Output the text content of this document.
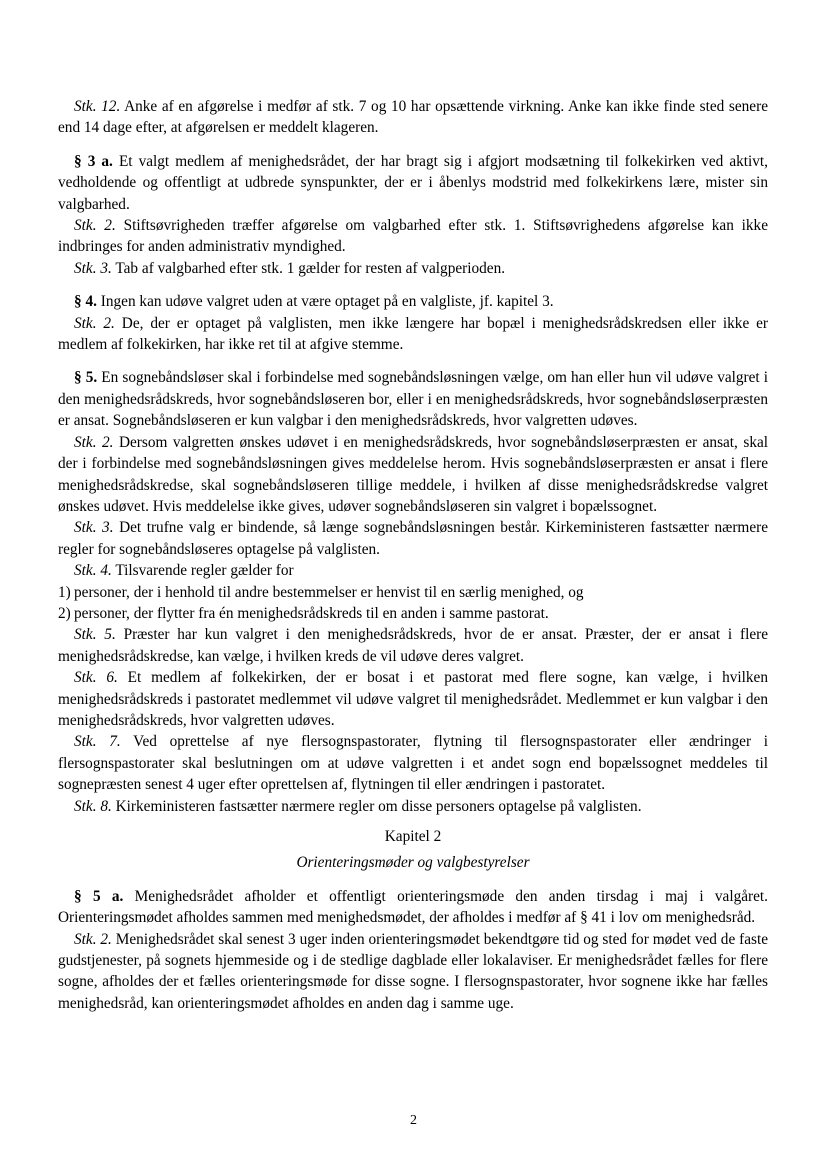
Stk. 12. Anke af en afgørelse i medfør af stk. 7 og 10 har opsættende virkning. Anke kan ikke finde sted senere end 14 dage efter, at afgørelsen er meddelt klageren.

§ 3 a. Et valgt medlem af menighedsrådet, der har bragt sig i afgjort modsætning til folkekirken ved aktivt, vedholdende og offentligt at udbrede synspunkter, der er i åbenlys modstrid med folkekirkens lære, mister sin valgbarhed.

Stk. 2. Stiftsøvrigheden træffer afgørelse om valgbarhed efter stk. 1. Stiftsøvrighedens afgørelse kan ikke indbringes for anden administrativ myndighed.

Stk. 3. Tab af valgbarhed efter stk. 1 gælder for resten af valgperioden.

§ 4. Ingen kan udøve valgret uden at være optaget på en valgliste, jf. kapitel 3.

Stk. 2. De, der er optaget på valglisten, men ikke længere har bopæl i menighedsrådskredsen eller ikke er medlem af folkekirken, har ikke ret til at afgive stemme.

§ 5. En sognebåndsløser skal i forbindelse med sognebåndsløsningen vælge, om han eller hun vil udøve valgret i den menighedsrådskreds, hvor sognebåndsløseren bor, eller i en menighedsrådskreds, hvor sognebåndsløserpræsten er ansat. Sognebåndsløseren er kun valgbar i den menighedsrådskreds, hvor valgretten udøves.

Stk. 2. Dersom valgretten ønskes udøvet i en menighedsrådskreds, hvor sognebåndsløserpræsten er ansat, skal der i forbindelse med sognebåndsløsningen gives meddelelse herom. Hvis sognebåndsløserpræsten er ansat i flere menighedsrådskredse, skal sognebåndsløseren tillige meddele, i hvilken af disse menighedsrådskredse valgret ønskes udøvet. Hvis meddelelse ikke gives, udøver sognebåndsløseren sin valgret i bopælssognet.

Stk. 3. Det trufne valg er bindende, så længe sognebåndsløsningen består. Kirkeministeren fastsætter nærmere regler for sognebåndsløseres optagelse på valglisten.

Stk. 4. Tilsvarende regler gælder for

1) personer, der i henhold til andre bestemmelser er henvist til en særlig menighed, og
2) personer, der flytter fra én menighedsrådskreds til en anden i samme pastorat.

Stk. 5. Præster har kun valgret i den menighedsrådskreds, hvor de er ansat. Præster, der er ansat i flere menighedsrådskredse, kan vælge, i hvilken kreds de vil udøve deres valgret.

Stk. 6. Et medlem af folkekirken, der er bosat i et pastorat med flere sogne, kan vælge, i hvilken menighedsrådskreds i pastoratet medlemmet vil udøve valgret til menighedsrådet. Medlemmet er kun valgbar i den menighedsrådskreds, hvor valgretten udøves.

Stk. 7. Ved oprettelse af nye flersognspastorater, flytning til flersognspastorater eller ændringer i flersognspastorater skal beslutningen om at udøve valgretten i et andet sogn end bopælssognet meddeles til sognepræsten senest 4 uger efter oprettelsen af, flytningen til eller ændringen i pastoratet.

Stk. 8. Kirkeministeren fastsætter nærmere regler om disse personers optagelse på valglisten.

Kapitel 2

Orienteringsmøder og valgbestyrelser

§ 5 a. Menighedsrådet afholder et offentligt orienteringsmøde den anden tirsdag i maj i valgåret. Orienteringsmødet afholdes sammen med menighedsmødet, der afholdes i medfør af § 41 i lov om menighedsråd.

Stk. 2. Menighedsrådet skal senest 3 uger inden orienteringsmødet bekendtgøre tid og sted for mødet ved de faste gudstjenester, på sognets hjemmeside og i de stedlige dagblade eller lokalaviser. Er menighedsrådet fælles for flere sogne, afholdes der et fælles orienteringsmøde for disse sogne. I flersognspastorater, hvor sognene ikke har fælles menighedsråd, kan orienteringsmødet afholdes en anden dag i samme uge.

2
